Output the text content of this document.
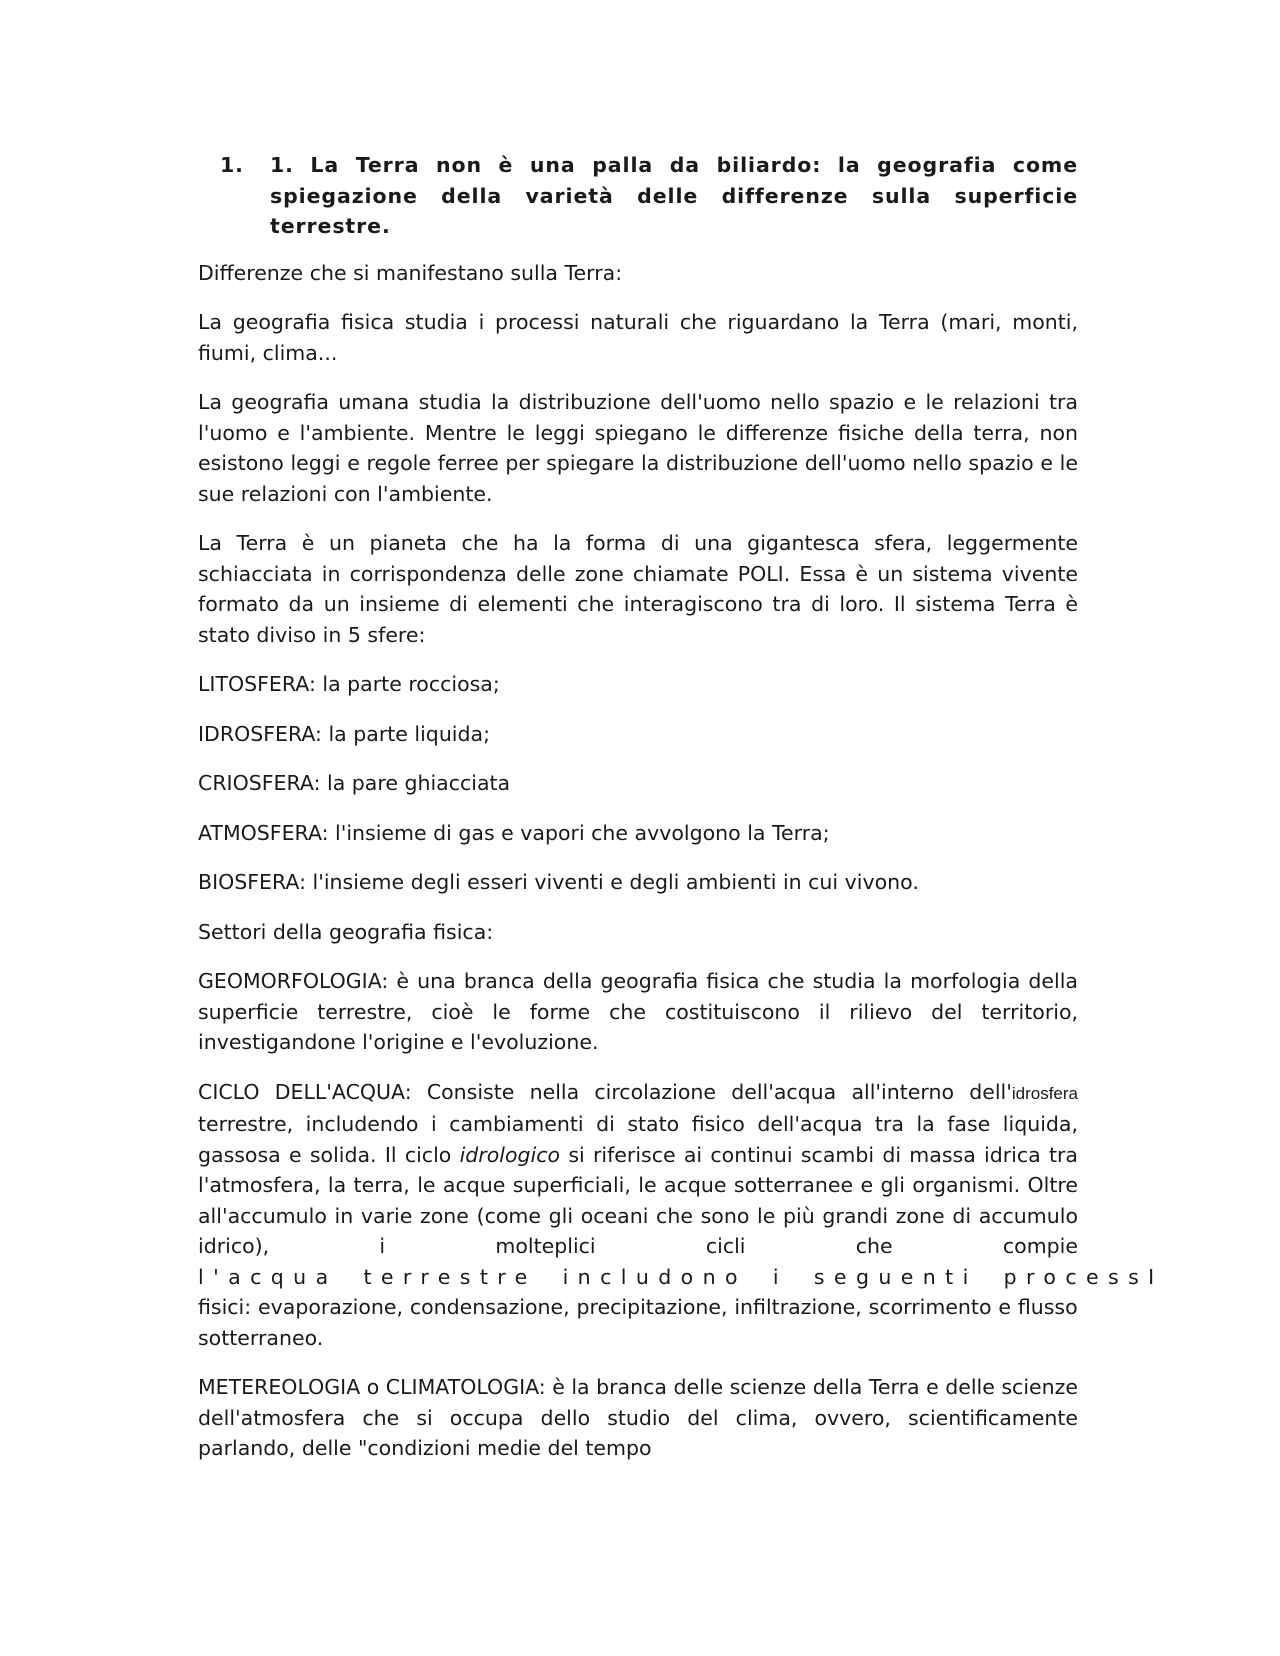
1.	1. La Terra non è una palla da biliardo: la geografia come spiegazione della varietà delle differenze sulla superficie terrestre.

Differenze che si manifestano sulla Terra:

La geografia fisica studia i processi naturali che riguardano la Terra (mari, monti, fiumi, clima...

La geografia umana studia la distribuzione dell'uomo nello spazio e le relazioni tra l'uomo e l'ambiente. Mentre le leggi spiegano le differenze fisiche della terra, non esistono leggi e regole ferree per spiegare la distribuzione dell'uomo nello spazio e le sue relazioni con l'ambiente.

La Terra è un pianeta che ha la forma di una gigantesca sfera, leggermente schiacciata in corrispondenza delle zone chiamate POLI. Essa è un sistema vivente formato da un insieme di elementi che interagiscono tra di loro. Il sistema Terra è stato diviso in 5 sfere:

LITOSFERA: la parte rocciosa;

IDROSFERA: la parte liquida;

CRIOSFERA: la pare ghiacciata

ATMOSFERA: l'insieme di gas e vapori che avvolgono la Terra;

BIOSFERA: l'insieme degli esseri viventi e degli ambienti in cui vivono.

Settori della geografia fisica:

GEOMORFOLOGIA: è una branca della geografia fisica che studia la morfologia della superficie terrestre, cioè le forme che costituiscono il rilievo del territorio, investigandone l'origine e l'evoluzione.

CICLO DELL'ACQUA: Consiste nella circolazione dell'acqua all'interno dell'idrosfera terrestre, includendo i cambiamenti di stato fisico dell'acqua tra la fase liquida, gassosa e solida. Il ciclo idrologico si riferisce ai continui scambi di massa idrica tra l'atmosfera, la terra, le acque superficiali, le acque sotterranee e gli organismi. Oltre all'accumulo in varie zone (come gli oceani che sono le più grandi zone di accumulo idrico), i molteplici cicli che compie l'acqua terrestre includono i seguenti processI fisici: evaporazione, condensazione, precipitazione, infiltrazione, scorrimento e flusso sotterraneo.

METEREOLOGIA o CLIMATOLOGIA: è la branca delle scienze della Terra e delle scienze dell'atmosfera che si occupa dello studio del clima, ovvero, scientificamente parlando, delle "condizioni medie del tempo
